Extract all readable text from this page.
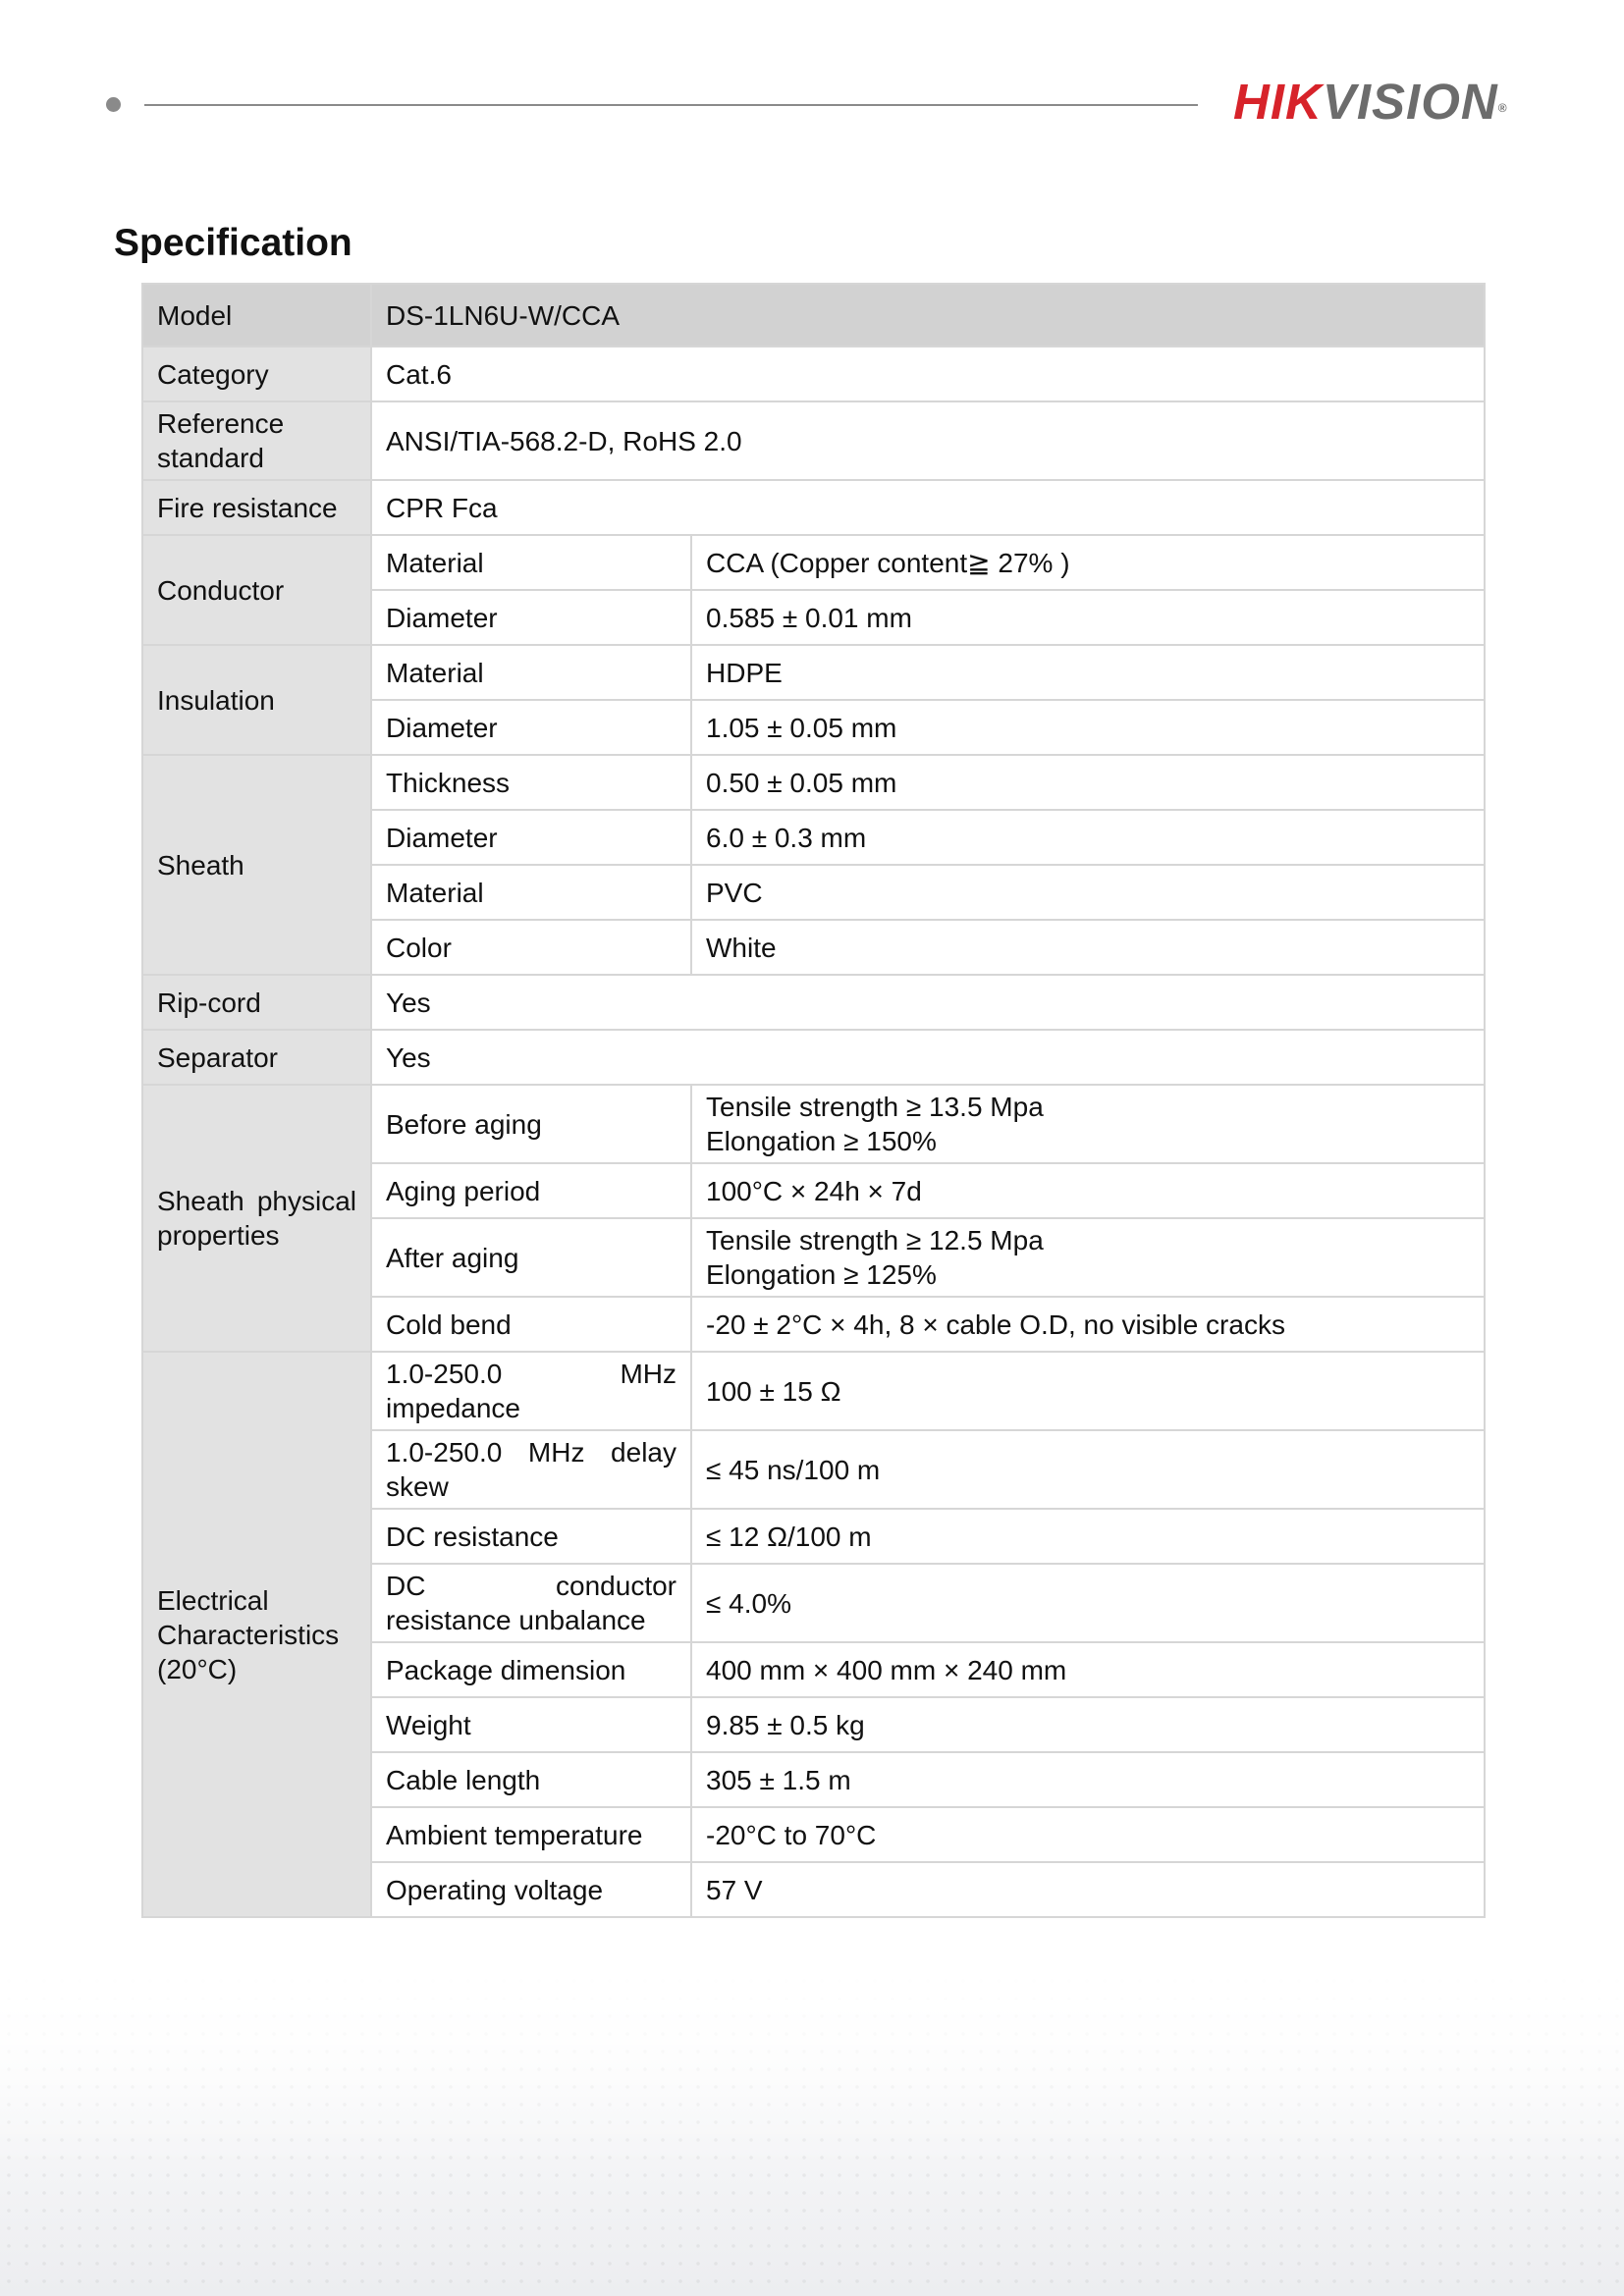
HIKVISION®
Specification
Model	DS-1LN6U-W/CCA	
Category	Cat.6	
Reference standard	ANSI/TIA-568.2-D, RoHS 2.0	
Fire resistance	CPR Fca	
Conductor	Material	CCA (Copper content≧ 27% )
	Diameter	0.585 ± 0.01 mm
Insulation	Material	HDPE
	Diameter	1.05 ± 0.05 mm
Sheath	Thickness	0.50 ± 0.05 mm
	Diameter	6.0 ± 0.3 mm
	Material	PVC
	Color	White
Rip-cord	Yes	
Separator	Yes	
Sheath physical properties	Before aging	Tensile strength ≥ 13.5 Mpa
Elongation ≥ 150%
	Aging period	100°C × 24h × 7d
	After aging	Tensile strength ≥ 12.5 Mpa
Elongation ≥ 125%
	Cold bend	-20 ± 2°C × 4h, 8 × cable O.D, no visible cracks
Electrical Characteristics (20°C)	1.0-250.0 MHz impedance	100 ± 15 Ω
	1.0-250.0 MHz delay skew	≤ 45 ns/100 m
	DC resistance	≤ 12 Ω/100 m
	DC conductor resistance unbalance	≤ 4.0%
	Package dimension	400 mm × 400 mm × 240 mm
	Weight	9.85 ± 0.5 kg
	Cable length	305 ± 1.5 m
	Ambient temperature	-20°C to 70°C
	Operating voltage	57 V
